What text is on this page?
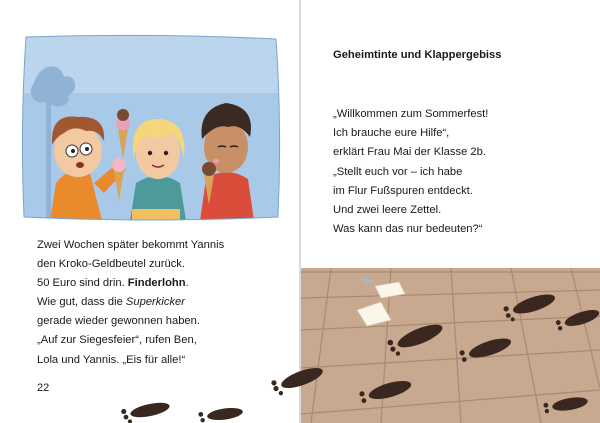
Zwei Wochen später bekommt Yannis
den Kroko-Geldbeutel zurück.
50 Euro sind drin. Finderlohn.
Wie gut, dass die Superkicker
gerade wieder gewonnen haben.
„Auf zur Siegesfeier“, rufen Ben,
Lola und Yannis. „Eis für alle!“
22
Geheimtinte und Klappergebiss
„Willkommen zum Sommerfest!
Ich brauche eure Hilfe“,
erklärt Frau Mai der Klasse 2b.
„Stellt euch vor – ich habe
im Flur Fußspuren entdeckt.
Und zwei leere Zettel.
Was kann das nur bedeuten?“
